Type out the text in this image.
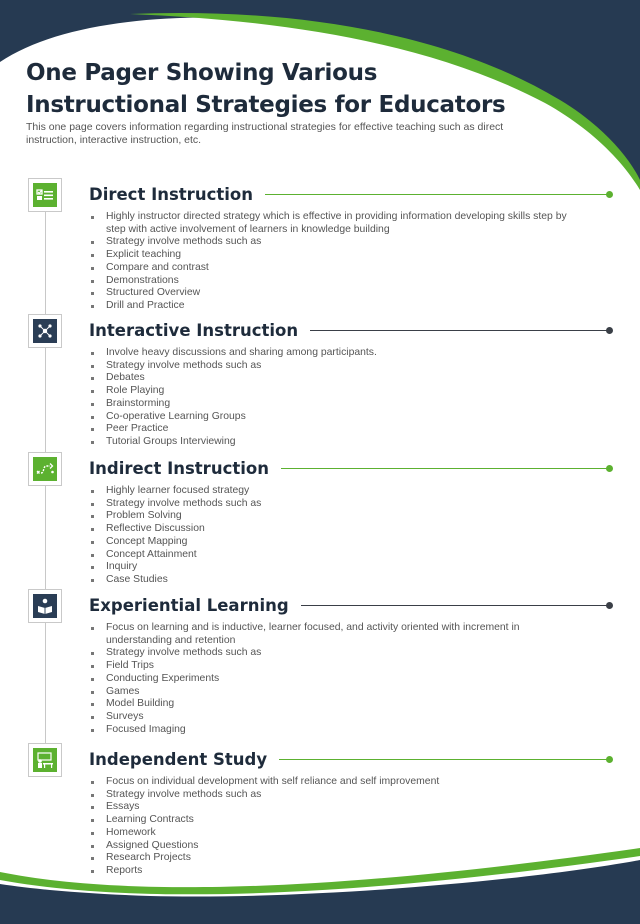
One Pager Showing Various
Instructional Strategies for Educators
This one page covers information regarding instructional strategies for effective teaching such as direct instruction, interactive instruction, etc.
Direct Instruction
Highly instructor directed strategy which is effective in providing information developing skills step by step with active involvement of learners in knowledge building
Strategy involve methods such as
Explicit teaching
Compare and contrast
Demonstrations
Structured Overview
Drill and Practice
Interactive Instruction
Involve heavy discussions and sharing among participants.
Strategy involve methods such as
Debates
Role Playing
Brainstorming
Co-operative Learning Groups
Peer Practice
Tutorial Groups Interviewing
Indirect Instruction
Highly learner focused strategy
Strategy involve methods such as
Problem Solving
Reflective Discussion
Concept Mapping
Concept Attainment
Inquiry
Case Studies
Experiential Learning
Focus on learning and is inductive, learner focused, and activity oriented with increment in understanding and retention
Strategy involve methods such as
Field Trips
Conducting Experiments
Games
Model Building
Surveys
Focused Imaging
Independent Study
Focus on individual development with self reliance and self improvement
Strategy involve methods such as
Essays
Learning Contracts
Homework
Assigned Questions
Research Projects
Reports
